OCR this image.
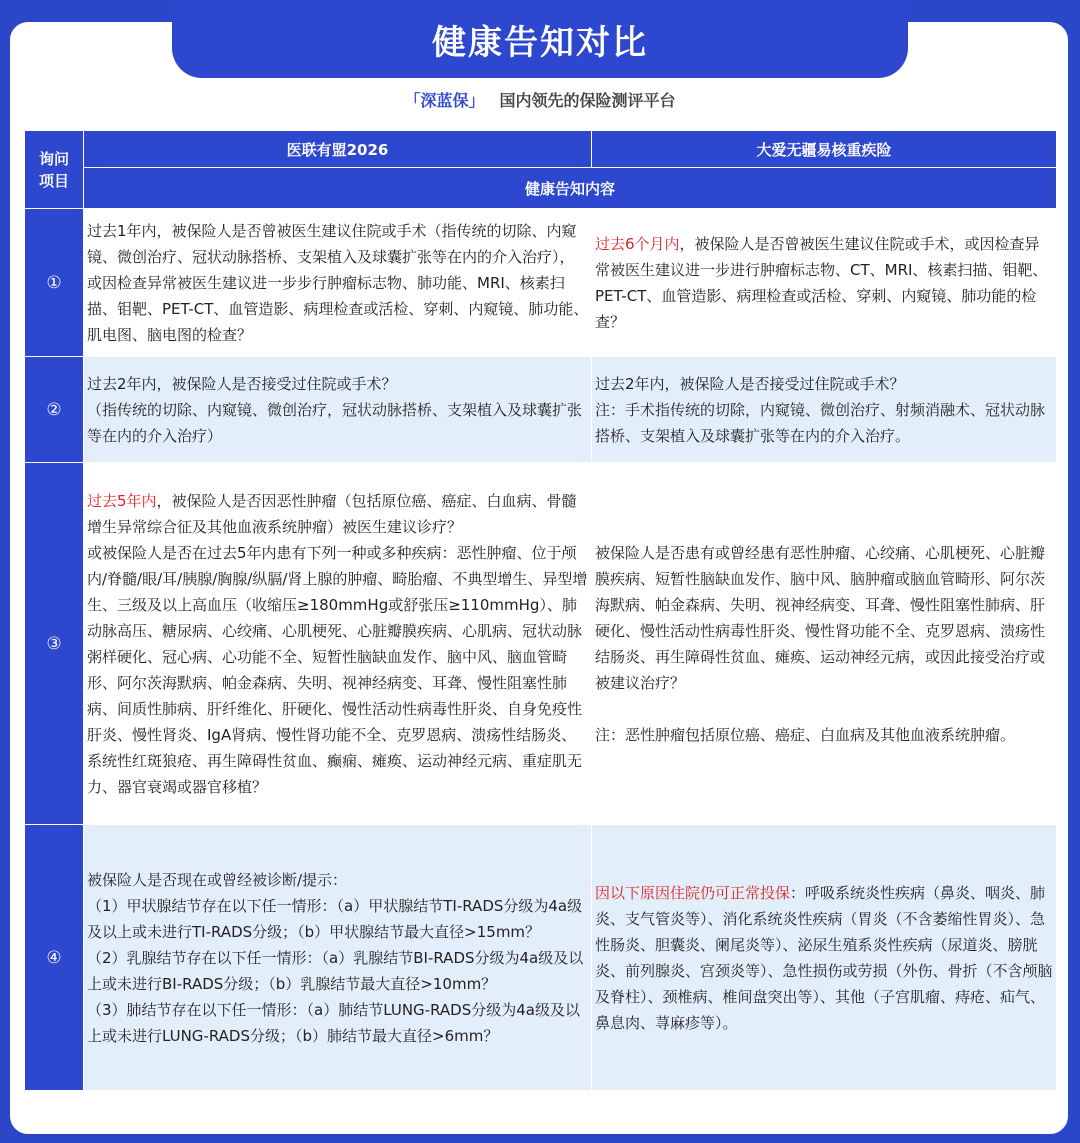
健康告知对比
「深蓝保」 国内领先的保险测评平台
询问项目	医联有盟2026	大爱无疆易核重疾险
	健康告知内容	
①	过去1年内，被保险人是否曾被医生建议住院或手术（指传统的切除、内窥镜、微创治疗、冠状动脉搭桥、支架植入及球囊扩张等在内的介入治疗），或因检查异常被医生建议进一步步行肿瘤标志物、肺功能、MRI、核素扫描、钼靶、PET-CT、血管造影、病理检查或活检、穿刺、内窥镜、肺功能、肌电图、脑电图的检查？	过去6个月内，被保险人是否曾被医生建议住院或手术，或因检查异常被医生建议进一步进行肿瘤标志物、CT、MRI、核素扫描、钼靶、PET-CT、血管造影、病理检查或活检、穿刺、内窥镜、肺功能的检查？
②	过去2年内，被保险人是否接受过住院或手术？
（指传统的切除、内窥镜、微创治疗，冠状动脉搭桥、支架植入及球囊扩张等在内的介入治疗）	过去2年内，被保险人是否接受过住院或手术？
注：手术指传统的切除，内窥镜、微创治疗、射频消融术、冠状动脉搭桥、支架植入及球囊扩张等在内的介入治疗。

③	过去5年内，被保险人是否因恶性肿瘤（包括原位癌、癌症、白血病、骨髓增生异常综合征及其他血液系统肿瘤）被医生建议诊疗？
或被保险人是否在过去5年内患有下列一种或多种疾病：恶性肿瘤、位于颅内/脊髓/眼/耳/胰腺/胸腺/纵膈/肾上腺的肿瘤、畸胎瘤、不典型增生、异型增生、三级及以上高血压（收缩压≥180mmHg或舒张压≥110mmHg）、肺动脉高压、糖尿病、心绞痛、心肌梗死、心脏瓣膜疾病、心肌病、冠状动脉粥样硬化、冠心病、心功能不全、短暂性脑缺血发作、脑中风、脑血管畸形、阿尔茨海默病、帕金森病、失明、视神经病变、耳聋、慢性阻塞性肺病、间质性肺病、肝纤维化、肝硬化、慢性活动性病毒性肝炎、自身免疫性肝炎、慢性肾炎、IgA肾病、慢性肾功能不全、克罗恩病、溃疡性结肠炎、系统性红斑狼疮、再生障碍性贫血、癫痫、瘫痪、运动神经元病、重症肌无力、器官衰竭或器官移植？	被保险人是否患有或曾经患有恶性肿瘤、心绞痛、心肌梗死、心脏瓣膜疾病、短暂性脑缺血发作、脑中风、脑肿瘤或脑血管畸形、阿尔茨海默病、帕金森病、失明、视神经病变、耳聋、慢性阻塞性肺病、肝硬化、慢性活动性病毒性肝炎、慢性肾功能不全、克罗恩病、溃疡性结肠炎、再生障碍性贫血、瘫痪、运动神经元病，或因此接受治疗或被建议治疗？
注：恶性肿瘤包括原位癌、癌症、白血病及其他血液系统肿瘤。

④	被保险人是否现在或曾经被诊断/提示：
（1）甲状腺结节存在以下任一情形：（a）甲状腺结节TI-RADS分级为4a级及以上或未进行TI-RADS分级；（b）甲状腺结节最大直径>15mm？
（2）乳腺结节存在以下任一情形：（a）乳腺结节BI-RADS分级为4a级及以上或未进行BI-RADS分级；（b）乳腺结节最大直径>10mm？
（3）肺结节存在以下任一情形：（a）肺结节LUNG-RADS分级为4a级及以上或未进行LUNG-RADS分级；（b）肺结节最大直径>6mm？	因以下原因住院仍可正常投保：呼吸系统炎性疾病（鼻炎、咽炎、肺炎、支气管炎等）、消化系统炎性疾病（胃炎（不含萎缩性胃炎）、急性肠炎、胆囊炎、阑尾炎等）、泌尿生殖系炎性疾病（尿道炎、膀胱炎、前列腺炎、宫颈炎等）、急性损伤或劳损（外伤、骨折（不含颅脑及脊柱）、颈椎病、椎间盘突出等）、其他（子宫肌瘤、痔疮、疝气、鼻息肉、荨麻疹等）。
